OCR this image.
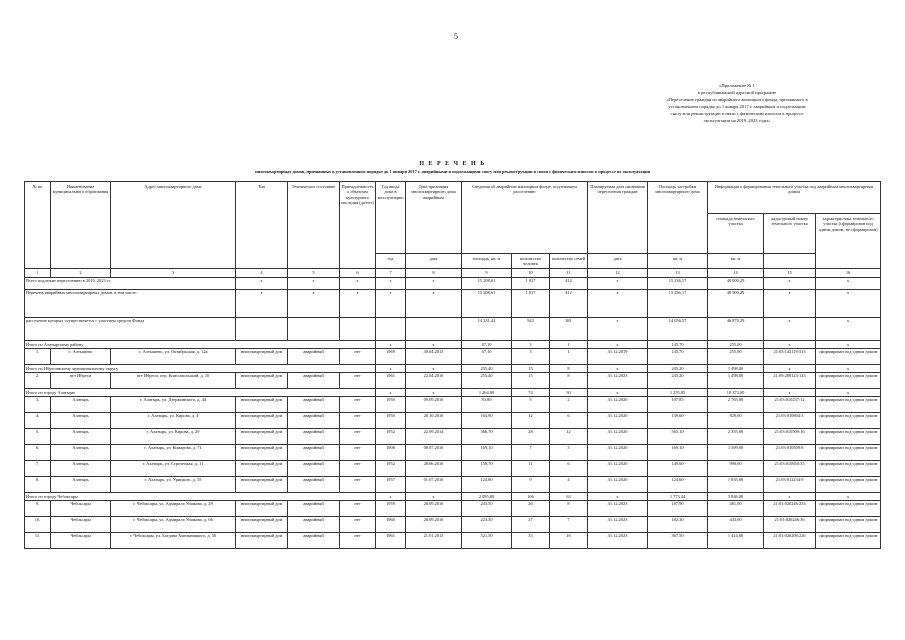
5
«Приложение № 1
к республиканской адресной программе
«Переселение граждан из аварийного жилищного фонда, признанного в
установленном порядке до 1 января 2017 г. аварийным и подлежащим
сносу или реконструкции в связи с физическим износом в процессе
эксплуатации на 2019–2023 годы»
П Е Р Е Ч Е Н Ь
многоквартирных домов, признанных в установленном порядке до 1 января 2017 г. аварийными и подлежащими сносу или реконструкции в связи с физическим износом в процессе их эксплуатации
№ пп	Наименование муниципального образования	Адрес многоквартирного дома	Тип	Техническое состояние	Принадлежность к объектам культурного наследия (да/нет)	Год ввода дома в эксплуатацию	Дата признания многоквартирного дома аварийным	Сведения об аварийном жилищном фонде, подлежащем расселению			Планируемая дата окончания переселения граждан	Площадь застройки многоквартирного дома	Информация о формировании земельного участка под аварийным многоквартирным домом		
													площадь земельного участка	кадастровый номер земельного участка	характеристика земельного участка (сформирован под одним домом, не сформирован)
						год	дата	площадь, кв. м	количество человек	количество семей	дата	кв. м	кв. м		
1	2	3	4	5	6	7	8	9	10	11	12	13	14	15	16
Всего подлежит переселению в 2019–2023 гг.			х	х	х	х	х	15 208,61	1 017	412	х	15 236,17	48 900,29	х	х
Перечень аварийных многоквартирных домов, в том числе:			х	х	х	х	х	15 208,61	1 017	412	х	15 236,17	48 900,29	х	х
расселение которых осуществляется с участием средств Фонда								14 231,42	943	381	х	14 056,57	46 879,29	х	х
Итого по Алатырскому району						х	х	47,10	3	1	х	145,70	255,00	х	х
1.	с. Алтышево	с. Алтышево, ул. Октябрьская, д. 12а	многоквартирный дом	аварийный	нет	1969	30.04.2015	47,10	3	1	31.12.2019	145,70	255,00	21:03:142119:513	сформирован под одним домом
Итого по Ибресинскому муниципальному округу						х	х	255,40	15	8	х	245,20	1 498,00	х	х
2.	пгт Ибреси	пгт Ибреси, пер. Комсомольский, д. 10	многоквартирный дом	аварийный	нет	1961	22.04.2016	255,40	15	8	31.12.2023	245,20	1 498,00	21:09:280123:143	сформирован под одним домом
Итого по городу Алатырю						х	х	1 264,90	74	30	х	1 255,85	10 373,00	х	х
3.	Алатырь	г. Алатырь, ул. Дзержинского, д. 44	многоквартирный дом	аварийный	нет	1950	09.09.2016	83,00	5	2	31.12.2020	107,85	2 765,00	21:03:010237:12	сформирован под одним домом
4.	Алатырь	г. Алатырь, ул. Кирова, д. 4	многоквартирный дом	аварийный	нет	1950	28.10.2016	164,90	12	6	31.12.2020	139,60	829,00	21:03:010804:3	сформирован под одним домом
5.	Алатырь	г. Алатырь, ул. Кирова, д. 29	многоквартирный дом	аварийный	нет	1952	22.09.2014	566,70	28	12	31.12.2020	565,10	2 355,00	21:03:010509:16	сформирован под одним домом
6.	Алатырь	г. Алатырь, ул. Комарова, д. 71	многоквартирный дом	аварийный	нет	1906	08.07.2016	169,10	7	3	31.12.2020	169,10	1 599,00	21:03:010509:8	сформирован под одним домом
7.	Алатырь	г. Алатырь, ул. Стрелецкая, д. 11	многоквартирный дом	аварийный	нет	1952	28.06.2016	158,70	11	6	31.12.2020	149,60	990,00	21:03:010850:35	сформирован под одним домом
8.	Алатырь	г. Алатырь, ул. Урицкого, д. 55	многоквартирный дом	аварийный	нет	1957	01.07.2016	124,60	9	4	31.12.2020	124,60	1 835,00	21:03:012234:9	сформирован под одним домом
Итого по городу Чебоксары						х	х	2 095,80	166	63	х	1 773,44	5 846,00	х	х
9.	Чебоксары	г. Чебоксары, ул. Адмирала Ушакова, д. 29	многоквартирный дом	аварийный	нет	1959	28.09.2016	243,50	26	8	31.12.2023	187,90	481,00	21:01:020246:233	сформирован под одним домом
10.	Чебоксары	г. Чебоксары, ул. Адмирала Ушакова, д. 66	многоквартирный дом	аварийный	нет	1960	28.09.2016	223,30	27	7	31.12.2023	182,30	443,00	21:01:020246:36	сформирован под одним домом
11.	Чебоксары	г. Чебоксары, ул. Богдана Хмельницкого, д. 56	многоквартирный дом	аварийный	нет	1961	21.01.2015	521,50	33	16	31.12.2023	367,50	1 414,00	21:01:020206:226	сформирован под одним домом
